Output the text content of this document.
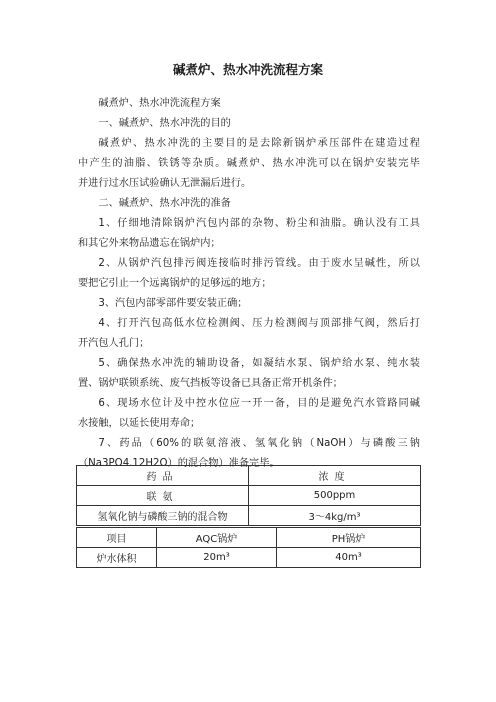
碱煮炉、热水冲洗流程方案
碱煮炉、热水冲洗流程方案
一、碱煮炉、热水冲洗的目的
碱煮炉、热水冲洗的主要目的是去除新锅炉承压部件在建造过程
中产生的油脂、铁锈等杂质。碱煮炉、热水冲洗可以在锅炉安装完毕
并进行过水压试验确认无泄漏后进行。
二、碱煮炉、热水冲洗的准备
1、仔细地清除锅炉汽包内部的杂物、粉尘和油脂。确认没有工具
和其它外来物品遗忘在锅炉内；
2、从锅炉汽包排污阀连接临时排污管线。由于废水呈碱性，所以
要把它引止一个远离锅炉的足够远的地方；
3、汽包内部零部件要安装正确；
4、打开汽包高低水位检测阀、压力检测阀与顶部排气阀，然后打
开汽包人孔门；
5、确保热水冲洗的辅助设备，如凝结水泵、锅炉给水泵、纯水装
置、锅炉联锁系统、废气挡板等设备已具备正常开机条件；
6、现场水位计及中控水位应一开一备，目的是避免汽水管路同碱
水接触，以延长使用寿命；
7、药品（60%的联氨溶液、氢氧化钠（NaOH）与磷酸三钠
（Na3PO4.12H2O）的混合物）准备完毕。
药品	浓度
联氨	500ppm
氢氧化钠与磷酸三钠的混合物	3～4kg/m³
项目	AQC锅炉	PH锅炉
炉水体积	20m³	40m³
